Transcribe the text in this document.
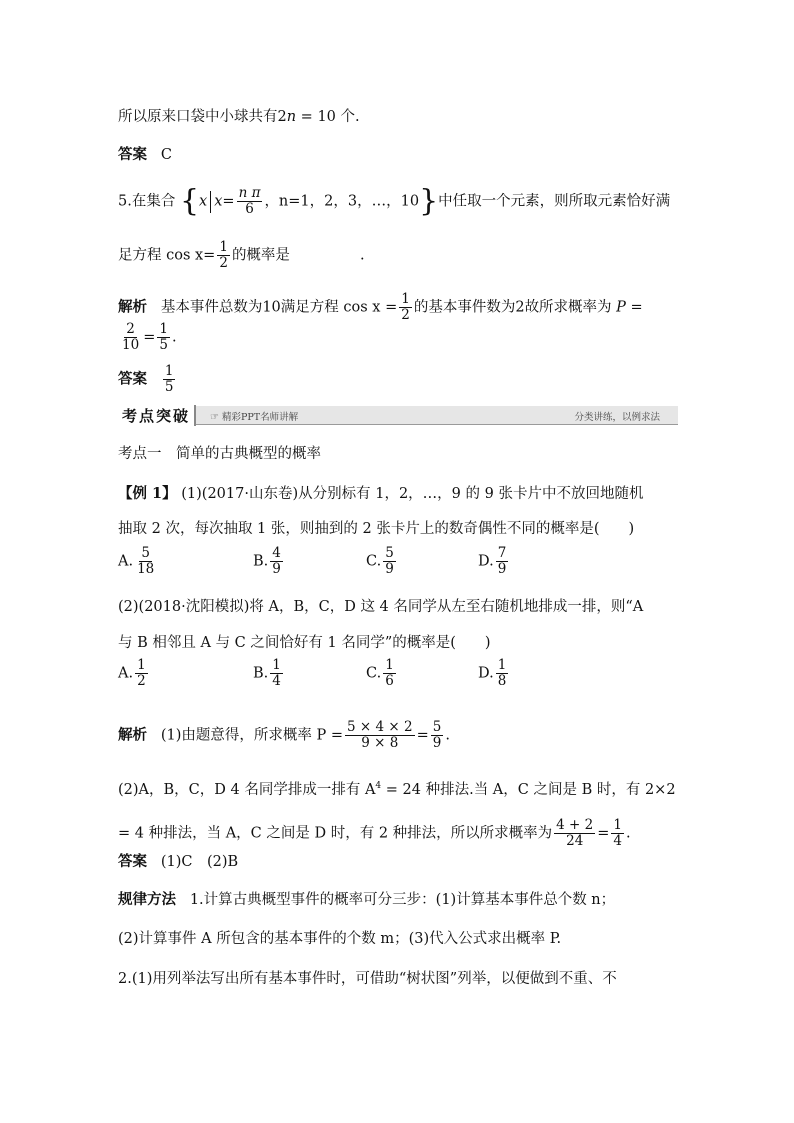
所以原来口袋中小球共有2n = 10 个.
答案 C
5.在集合 {x $x= \frac{\text{n π}}{6}$ ，n=1，2，3，…，10}中任取一个元素，则所取元素恰好满
足方程 $\cos x= \frac{1}{2}$ 的概率是	.
解析 基本事件总数为10满足方程 $\cos x = \frac{1}{2}$ 的基本事件数为2故所求概率为 P =
$\frac{2}{10} = \frac{1}{5}$ .
答案 $\frac{1}{5}$
考点突破	☞ 精彩PPT名师讲解	分类讲练，以例求法
考点一　简单的古典概型的概率
【例 1】 (1)(2017·山东卷)从分别标有 1，2，…，9 的 9 张卡片中不放回地随机
抽取 2 次，每次抽取 1 张，则抽到的 2 张卡片上的数奇偶性不同的概率是(　　)
A. $\frac{5}{18}$	B. $\frac{4}{9}$	C. $\frac{5}{9}$	D. $\frac{7}{9}$
(2)(2018·沈阳模拟)将 A，B，C，D 这 4 名同学从左至右随机地排成一排，则“A
与 B 相邻且 A 与 C 之间恰好有 1 名同学”的概率是(　　)
A. $\frac{1}{2}$	B. $\frac{1}{4}$	C. $\frac{1}{6}$	D. $\frac{1}{8}$
解析 (1)由题意得，所求概率 $P = \frac{5 \times 4 \times 2}{9 \times 8} = \frac{5}{9}$ .
(2)A，B，C，D 4 名同学排成一排有 $A^4 = 24$ 种排法.当 A，C 之间是 B 时，有 2×2
= 4 种排法，当 A，C 之间是 D 时，有 2 种排法，所以所求概率为 $\frac{4 + 2}{24} = \frac{1}{4}$ .
答案 (1)C　(2)B
规律方法 1.计算古典概型事件的概率可分三步：(1)计算基本事件总个数 n；
(2)计算事件 A 所包含的基本事件的个数 m；(3)代入公式求出概率 P.
2.(1)用列举法写出所有基本事件时，可借助“树状图”列举，以便做到不重、不
